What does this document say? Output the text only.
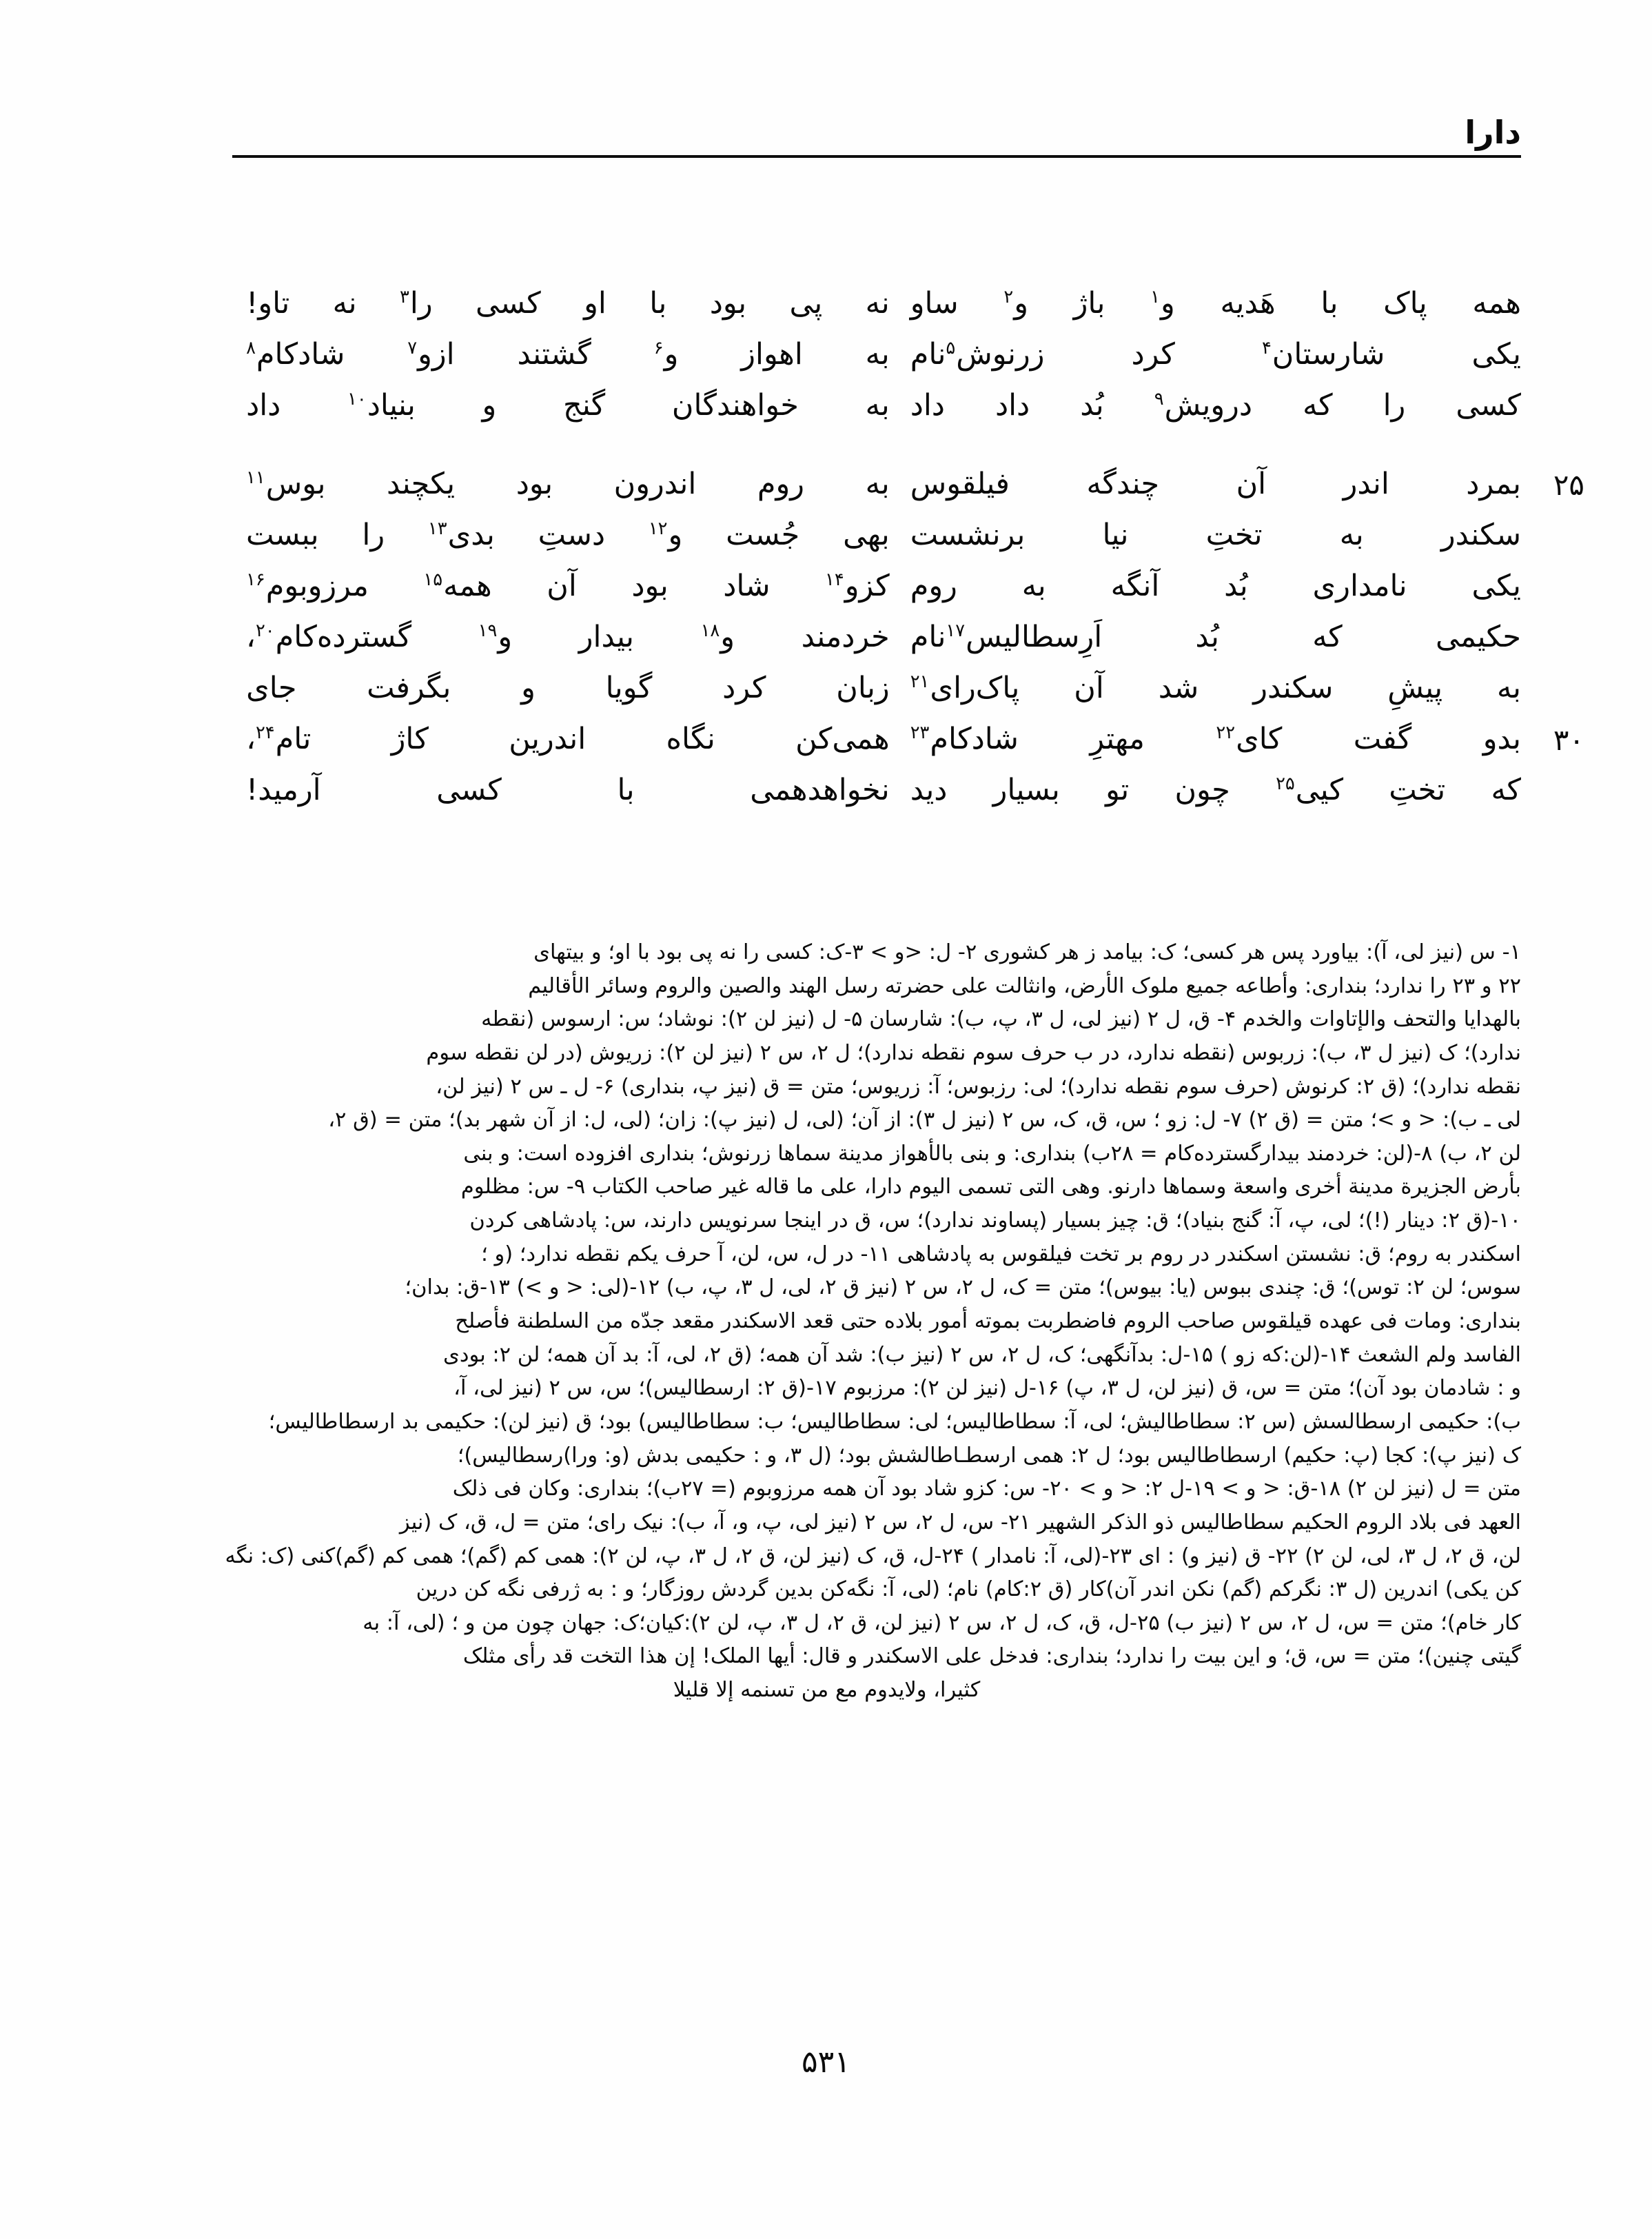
دارا
همه
پاک
با
هَدیه
و$^۱$
باژ
و$^۲$
ساو
نه
پی
بود
با
او
کسی
را$^۳$
نه
تاو!
یکی
شارستان$^۴$
کرد
زرنوش$^۵$نام
به
اهواز
و$^۶$
گشتند
ازو$^۷$
شادکام$^۸$
کسی
را
که
درویش$^۹$
بُد
داد
داد
به
خواهندگان
گنج
و
بنیاد$^{۱۰}$
داد
۲۵
بمرد
اندر
آن
چندگه
فیلقوس
به
روم
اندرون
بود
یکچند
بوس$^{۱۱}$
سکندر
به
تختِ
نیا
برنشست
بهی
جُست
و$^{۱۲}$
دستِ
بدی$^{۱۳}$
را
ببست
یکی
نامداری
بُد
آنگه
به
روم
کزو$^{۱۴}$
شاد
بود
آن
همه$^{۱۵}$
مرزوبوم$^{۱۶}$
حکیمی
که
بُد
اَرِسطالیس$^{۱۷}$نام
خردمند
و$^{۱۸}$
بیدار
و$^{۱۹}$
گسترده‌کام$^{۲۰}$،
به
پیشِ
سکندر
شد
آن
پاک‌رای$^{۲۱}$
زبان
کرد
گویا
و
بگرفت
جای
۳۰
بدو
گفت
کای$^{۲۲}$
مهترِ
شادکام$^{۲۳}$
همی‌کن
نگاه
اندرین
کاژ
تام$^{۲۴}$،
که
تختِ
کیی$^{۲۵}$
چون
تو
بسیار
دید
نخواهدهمی
با
کسی
آرمید!

۱- س (نیز لی، آ): بیاورد پس هر کسی؛ ک: بیامد ز هر کشوری ۲- ل: <و > ۳-ک: کسی را نه پی بود با او؛ و بیتهای

۲۲ و ۲۳ را ندارد؛ بنداری: وأطاعه جمیع ملوک الأرض، وانثالت علی حضرته رسل الهند والصین والروم وسائر الأقالیم

بالهدایا والتحف والإتاوات والخدم ۴- ق، ل ۲ (نیز لی، ل ۳، پ، ب): شارسان ۵- ل (نیز لن ۲): نوشاد؛ س: ارسوس (نقطه

ندارد)؛ ک (نیز ل ۳، ب): زربوس (نقطه ندارد، در ب حرف سوم نقطه ندارد)؛ ل ۲، س ۲ (نیز لن ۲): زریوش (در لن نقطه سوم

نقطه ندارد)؛ (ق ۲: کرنوش (حرف سوم نقطه ندارد)؛ لی: رزبوس؛ آ: زریوس؛ متن = ق (نیز پ، بنداری) ۶- ل ـ س ۲ (نیز لن،

لی ـ ب): < و >؛ متن = (ق ۲) ۷- ل: زو ؛ س، ق، ک، س ۲ (نیز ل ۳): از آن؛ (لی، ل (نیز پ): زان؛ (لی، ل: از آن شهر بد)؛ متن = (ق ۲،

لن ۲، ب) ۸-(لن: خردمند بیدارگسترده‌کام = ۲۸ب) بنداری: و بنی بالأهواز مدینة سماها زرنوش؛ بنداری افزوده است: و بنی

بأرض الجزیرة مدینة أخری واسعة وسماها دارنو. وهی التی تسمی الیوم دارا، علی ما قاله غیر صاحب الکتاب ۹- س: مظلوم

۱۰-(ق ۲: دینار (!)؛ لی، پ، آ: گنج بنیاد)؛ ق: چیز بسیار (پساوند ندارد)؛ س، ق در اینجا سرنویس دارند، س: پادشاهی کردن

اسکندر به روم؛ ق: نشستن اسکندر در روم بر تخت فیلقوس به پادشاهی ۱۱- در ل، س، لن، آ حرف یکم نقطه ندارد؛ (و ؛

سوس؛ لن ۲: توس)؛ ق: چندی ببوس (یا: بیوس)؛ متن = ک، ل ۲، س ۲ (نیز ق ۲، لی، ل ۳، پ، ب) ۱۲-(لی: < و >) ۱۳-ق: بدان؛

بنداری: ومات فی عهده قیلقوس صاحب الروم فاضطربت بموته أمور بلاده حتی قعد الاسکندر مقعد جدّه من السلطنة فأصلح

الفاسد ولم الشعث ۱۴-(لن:که زو ) ۱۵-ل: بدآنگهی؛ ک، ل ۲، س ۲ (نیز ب): شد آن همه؛ (ق ۲، لی، آ: بد آن همه؛ لن ۲: بودی

و : شادمان بود آن)؛ متن = س، ق (نیز لن، ل ۳، پ) ۱۶-ل (نیز لن ۲): مرزبوم ۱۷-(ق ۲: ارسطالیس)؛ س، س ۲ (نیز لی، آ،

ب): حکیمی ارسطالسش (س ۲: سطاطالیش؛ لی، آ: سطاطالیس؛ لی: سطاطالیس؛ ب: سطاطالیس) بود؛ ق (نیز لن): حکیمی بد ارسطاطالیس؛

ک (نیز پ): کجا (پ: حکیم) ارسطاطالیس بود؛ ل ۲: همی ارسطـاطالشش بود؛ (ل ۳، و : حکیمی بدش (و: ورا)رسطالیس)؛

متن = ل (نیز لن ۲) ۱۸-ق: < و > ۱۹-ل ۲: < و > ۲۰- س: کزو شاد بود آن همه مرزوبوم (= ۲۷ب)؛ بنداری: وکان فی ذلک

العهد فی بلاد الروم الحکیم سطاطالیس ذو الذکر الشهیر ۲۱- س، ل ۲، س ۲ (نیز لی، پ، و، آ، ب): نیک رای؛ متن = ل، ق، ک (نیز

لن، ق ۲، ل ۳، لی، لن ۲) ۲۲- ق (نیز و) : ای ۲۳-(لی، آ: نامدار ) ۲۴-ل، ق، ک (نیز لن، ق ۲، ل ۳، پ، لن ۲): همی کم (گم)؛ همی کم (گم)کنی (ک: نگه

کن یکی) اندرین (ل ۳: نگرکم (گم) نکن اندر آن)کار (ق ۲:کام) نام؛ (لی، آ: نگه‌کن بدین گردش روزگار؛ و : به ژرفی نگه کن درین

کار خام)؛ متن = س، ل ۲، س ۲ (نیز ب) ۲۵-ل، ق، ک، ل ۲، س ۲ (نیز لن، ق ۲، ل ۳، پ، لن ۲):کیان؛ک: جهان چون من و ؛ (لی، آ: به

گیتی چنین)؛ متن = س، ق؛ و این بیت را ندارد؛ بنداری: فدخل علی الاسکندر و قال: أیها الملک! إن هذا التخت قد رأی مثلک

کثیرا، ولایدوم مع من تسنمه إلا قلیلا

۵۳۱
